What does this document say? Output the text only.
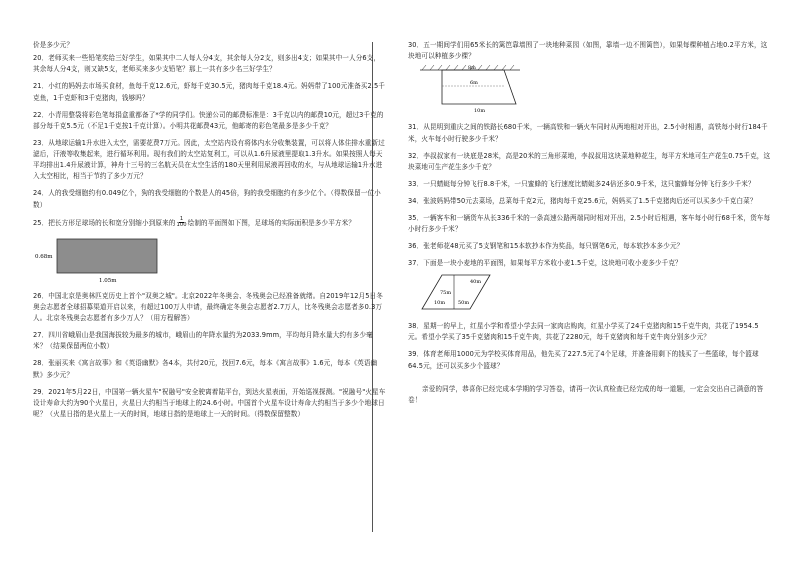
价是多少元？

20．老师买来一些铅笔奖给三好学生，如果其中二人每人分4支，其余每人分2支，则多出4支；如果其中一人分6支，其余每人分4支，则又缺5支，老师买来多少支铅笔？那上一共有多少名三好学生？

21．小红的妈妈去市场买食材，鱼每千克12.6元，虾每千克30.5元，猪肉每千克18.4元。妈妈带了100元准备买2.5千克鱼，1千克虾和3千克猪肉，钱够吗？

22．小青用整袋将彩色笔每捐盒重都备了*学的同学们。快递公司的邮费标准是：3千克以内的邮费10元，超过3千克的部分每千克5.5元（不足1千克按1千克计算）。小明共花邮费43元，他邮寄的彩色笔最多是多少千克？

23．从地球运输1升水进入太空，需要花费7万元。因此，太空站内设有将体内水分收集装置，可以将人体住排水重新过滤后，汗液等收集起来，进行循环利用。现有我们的太空站复利工，可以从1.6升尿液里提取1.3升水。如果按照人每天平均排出1.4升尿液计算，神舟十三号的三名航天员在太空生活的180天里利用尿液再回收的水，与从地球运输1升水进入太空相比，相当于节约了多少万元？

24．人的我受细胞约有0.049亿个，狗的我受细胞的个数是人的45倍，狗的我受细胞约有多少亿个。（得数保留一位小数）

25．把长方形足球场的长和宽分别缩小到原来的 $\frac{1}{100}$ 绘制的平面图如下图，足球场的实际面积是多少平方米？

0.68m
1.05m

26．中国北京是奥林匹克历史上首个"双奥之城"。北京2022年冬奥会、冬残奥会已经准备就绪。自2019年12月5日冬奥会志愿者全球招募渠道开启以来，有超过100万人申请，最终确定冬奥会志愿者2.7万人，比冬残奥会志愿者多0.3万人。北京冬残奥会志愿者有多少万人？（用方程解答）

27．四川省峨眉山是我国海拔较为最多的城市，峨眉山的年降水量约为2033.9mm，平均每月降水量大约有多少毫米？（结果保留两位小数）

28．张丽买来《寓言故事》和《英语幽默》各4本，共付20元，找回7.6元，每本《寓言故事》1.6元，每本《英语幽默》多少元？

29．2021年5月22日，中国第一辆火星车"祝融号"安全驶离着陆平台，到达火星表面，开始巡视探测。"祝融号"火星车设计寿命大约为90个火星日，火星日大约相当于地球上的24.6小时。中国首个火星车设计寿命大约相当于多少个地球日呢？（火星日指的是火星上一天的时间，地球日指的是地球上一天的时间。（得数保留整数）

30．五一期间学们用65米长的篱笆靠墙围了一块地种菜园（如图，靠墙一边不围篱笆），如果每棵种植占地0.2平方米，这块地可以种植多少棵？

8m
6m
10m

31．从昆明到重庆之间的铁路长680千米，一辆高铁和一辆火车同时从两地相对开出，2.5小时相遇，高铁每小时行184千米，火车每小时行驶多少千米？

32．李叔叔家有一块底是28米，高是20米的三角形菜地，李叔叔用这块菜地种花生，每平方米地可生产花生0.75千克，这块菜地可生产花生多少千克？

33．一只蜻蜓每分钟飞行8.8千米，一只蜜蜂的飞行速度比蜻蜓多24倍还多0.9千米，这只蜜蜂每分钟飞行多少千米？

34．张波妈妈带50元去菜场，总菜每千克2元，猪肉每千克25.6元，妈妈买了1.5千克猪肉后还可以买多少千克白菜？

35．一辆客车和一辆货车从长336千米的一条高速公路两端同时相对开出，2.5小时后相遇，客车每小时行68千米，货车每小时行多少千米？

36．张老师花48元买了5支钢笔和15本软抄本作为奖品，每只钢笔6元，每本软抄本多少元？

37．下面是一块小麦地的平面图，如果每平方米收小麦1.5千克，这块地可收小麦多少千克？

40m
75m
10m	50m

38．星期一的早上，红星小学和希望小学去同一家肉店购肉，红星小学买了24千克猪肉和15千克牛肉，共花了1954.5元。希望小学买了35千克猪肉和15千克牛肉，共花了2280元，每千克猪肉和每千克牛肉分别多少元？

39．体育老师用1000元为学校买体育用品，他先买了227.5元了4个足球，并准备用剩下的钱买了一些篮球，每个篮球64.5元，还可以买多少个篮球？

亲爱的同学，恭喜你已经完成本学期的学习答卷，请再一次认真检查已经完成的每一道题，一定会交出自己满意的答卷！
